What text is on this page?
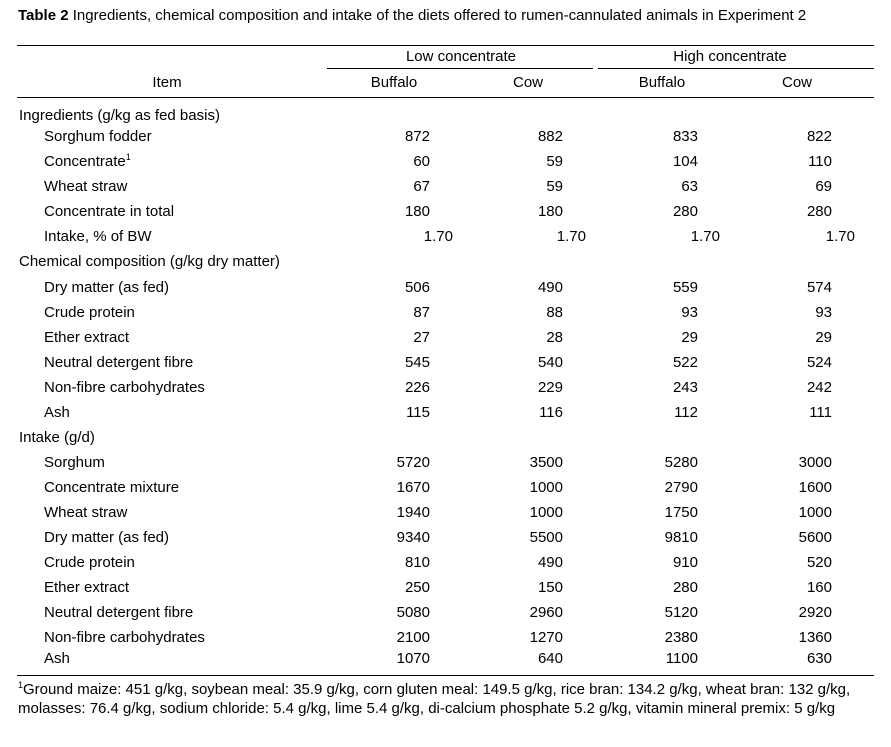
Table 2 Ingredients, chemical composition and intake of the diets offered to rumen-cannulated animals in Experiment 2
Low concentrate	High concentrate
Item	Buffalo	Cow	Buffalo	Cow
Ingredients (g/kg as fed basis)
Sorghum fodder	872	882	833	822
Concentrate$^1$	60	59	104	110
Wheat straw	67	59	63	69
Concentrate in total	180	180	280	280
Intake, % of BW	1.70	1.70	1.70	1.70
Chemical composition (g/kg dry matter)
Dry matter (as fed)	506	490	559	574
Crude protein	87	88	93	93
Ether extract	27	28	29	29
Neutral detergent fibre	545	540	522	524
Non-fibre carbohydrates	226	229	243	242
Ash	115	116	112	111
Intake (g/d)
Sorghum	5720	3500	5280	3000
Concentrate mixture	1670	1000	2790	1600
Wheat straw	1940	1000	1750	1000
Dry matter (as fed)	9340	5500	9810	5600
Crude protein	810	490	910	520
Ether extract	250	150	280	160
Neutral detergent fibre	5080	2960	5120	2920
Non-fibre carbohydrates	2100	1270	2380	1360
Ash	1070	640	1100	630
$^1$Ground maize: 451 g/kg, soybean meal: 35.9 g/kg, corn gluten meal: 149.5 g/kg, rice bran: 134.2 g/kg, wheat bran: 132 g/kg, molasses: 76.4 g/kg, sodium chloride: 5.4 g/kg, lime 5.4 g/kg, di-calcium phosphate 5.2 g/kg, vitamin mineral premix: 5 g/kg
